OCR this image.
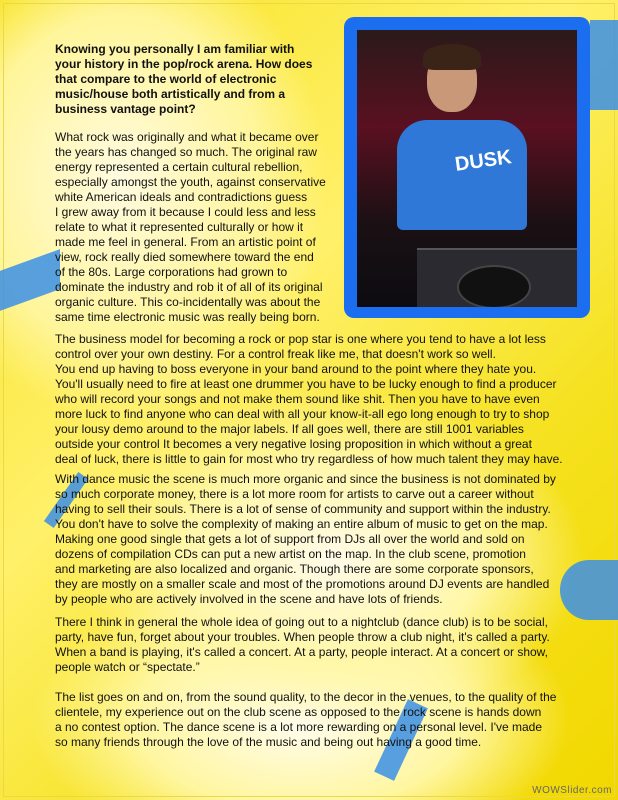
DUSK
Knowing you personally I am familiar with
your history in the pop/rock arena. How does
that compare to the world of electronic
music/house both artistically and from a
business vantage point?
What rock was originally and what it became over
the years has changed so much. The original raw
energy represented a certain cultural rebellion,
especially amongst the youth, against conservative
white American ideals and contradictions guess
I grew away from it because I could less and less
relate to what it represented culturally or how it
made me feel in general. From an artistic point of
view, rock really died somewhere toward the end
of the 80s. Large corporations had grown to
dominate the industry and rob it of all of its original
organic culture. This co-incidentally was about the
same time electronic music was really being born.
The business model for becoming a rock or pop star is one where you tend to have a lot less
control over your own destiny. For a control freak like me, that doesn't work so well.
You end up having to boss everyone in your band around to the point where they hate you.
You'll usually need to fire at least one drummer you have to be lucky enough to find a producer
who will record your songs and not make them sound like shit. Then you have to have even
more luck to find anyone who can deal with all your know-it-all ego long enough to try to shop
your lousy demo around to the major labels. If all goes well, there are still 1001 variables
outside your control It becomes a very negative losing proposition in which without a great
deal of luck, there is little to gain for most who try regardless of how much talent they may have.
With dance music the scene is much more organic and since the business is not dominated by
so much corporate money, there is a lot more room for artists to carve out a career without
having to sell their souls. There is a lot of sense of community and support within the industry.
You don't have to solve the complexity of making an entire album of music to get on the map.
Making one good single that gets a lot of support from DJs all over the world and sold on
dozens of compilation CDs can put a new artist on the map. In the club scene, promotion
and marketing are also localized and organic. Though there are some corporate sponsors,
they are mostly on a smaller scale and most of the promotions around DJ events are handled
by people who are actively involved in the scene and have lots of friends.
There I think in general the whole idea of going out to a nightclub (dance club) is to be social,
party, have fun, forget about your troubles. When people throw a club night, it's called a party.
When a band is playing, it's called a concert. At a party, people interact. At a concert or show,
people watch or “spectate.”
The list goes on and on, from the sound quality, to the decor in the venues, to the quality of the
clientele, my experience out on the club scene as opposed to the rock scene is hands down
a no contest option. The dance scene is a lot more rewarding on a personal level. I've made
so many friends through the love of the music and being out having a good time.
WOWSlider.com
